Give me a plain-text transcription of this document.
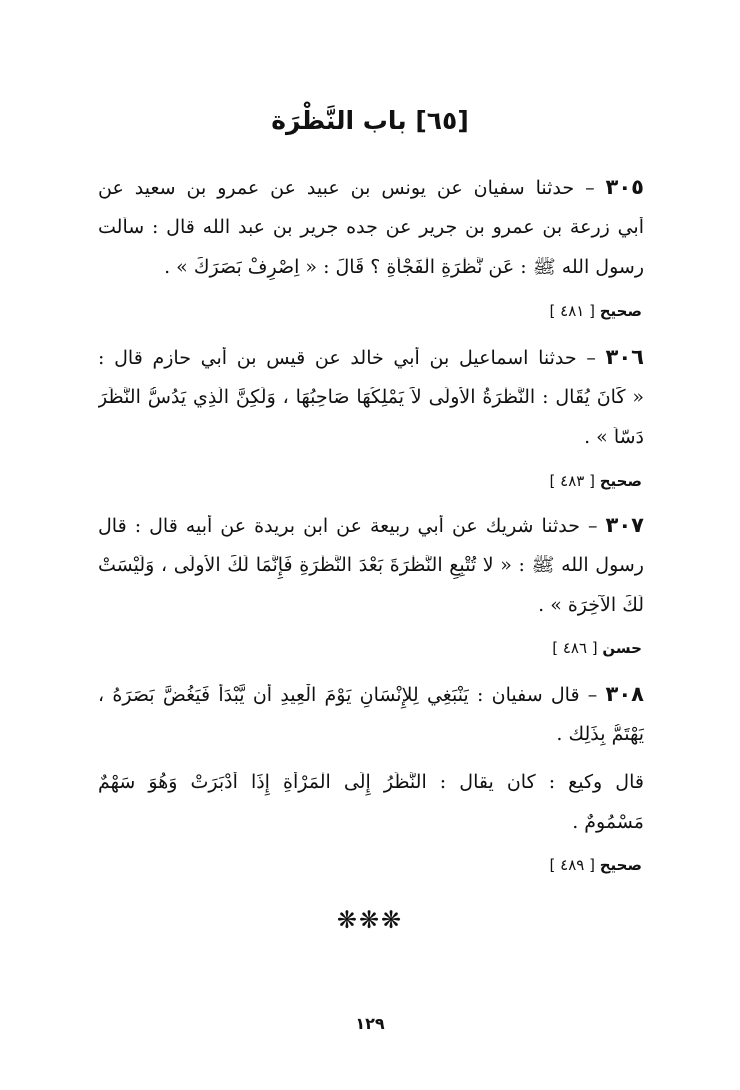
[٦٥] باب النَّظْرَة
٣٠٥ – حدثنا سفيان عن يونس بن عبيد عن عمرو بن سعيد عن
أبي زرعة بن عمرو بن جرير عن جده جرير بن عبد الله قال : سألت
رسول الله ﷺ : عَن نَّظْرَةِ الْفَجْأةِ ؟ قَالَ : « اِصْرِفْ بَصَرَكَ » .
صحيح [ ٤٨١ ]
٣٠٦ – حدثنا اسماعيل بن أبي خالد عن قيس بن أبي حازم قال :
« كَانَ يُقَال : النَّظْرَةُ الأُولَى لاَ يَمْلِكُهَا صَاحِبُهَا ، وَلَكِنَّ الَّذِي يَدُسُّ النَّظَرَ
دَسّاً » .
صحيح [ ٤٨٣ ]
٣٠٧ – حدثنا شريك عن أبي ربيعة عن ابن بريدة عن أبيه قال : قال
رسول الله ﷺ : « لا تُتْبِعِ النَّظْرَةَ بَعْدَ النَّظْرَةِ فَإِنَّمَا لَكَ الأُولَى ، وَلَيْسَتْ
لَكَ الآخِرَة » .
حسن [ ٤٨٦ ]
٣٠٨ – قال سفيان : يَنْبَغِي لِلإِنْسَانِ يَوْمَ الْعِيدِ أن يَّبْدَأَ فَيَغُضَّ بَصَرَهُ ،
يَهْتَمُّ بِذَلِك .
قال وكيع : كان يقال : النَّظَرُ إِلَى الْمَرْأَةِ إِذَا أَدْبَرَتْ وَهُوَ سَهْمٌ
مَسْمُومٌ .
صحيح [ ٤٨٩ ]
❋❋❋
١٢٩
